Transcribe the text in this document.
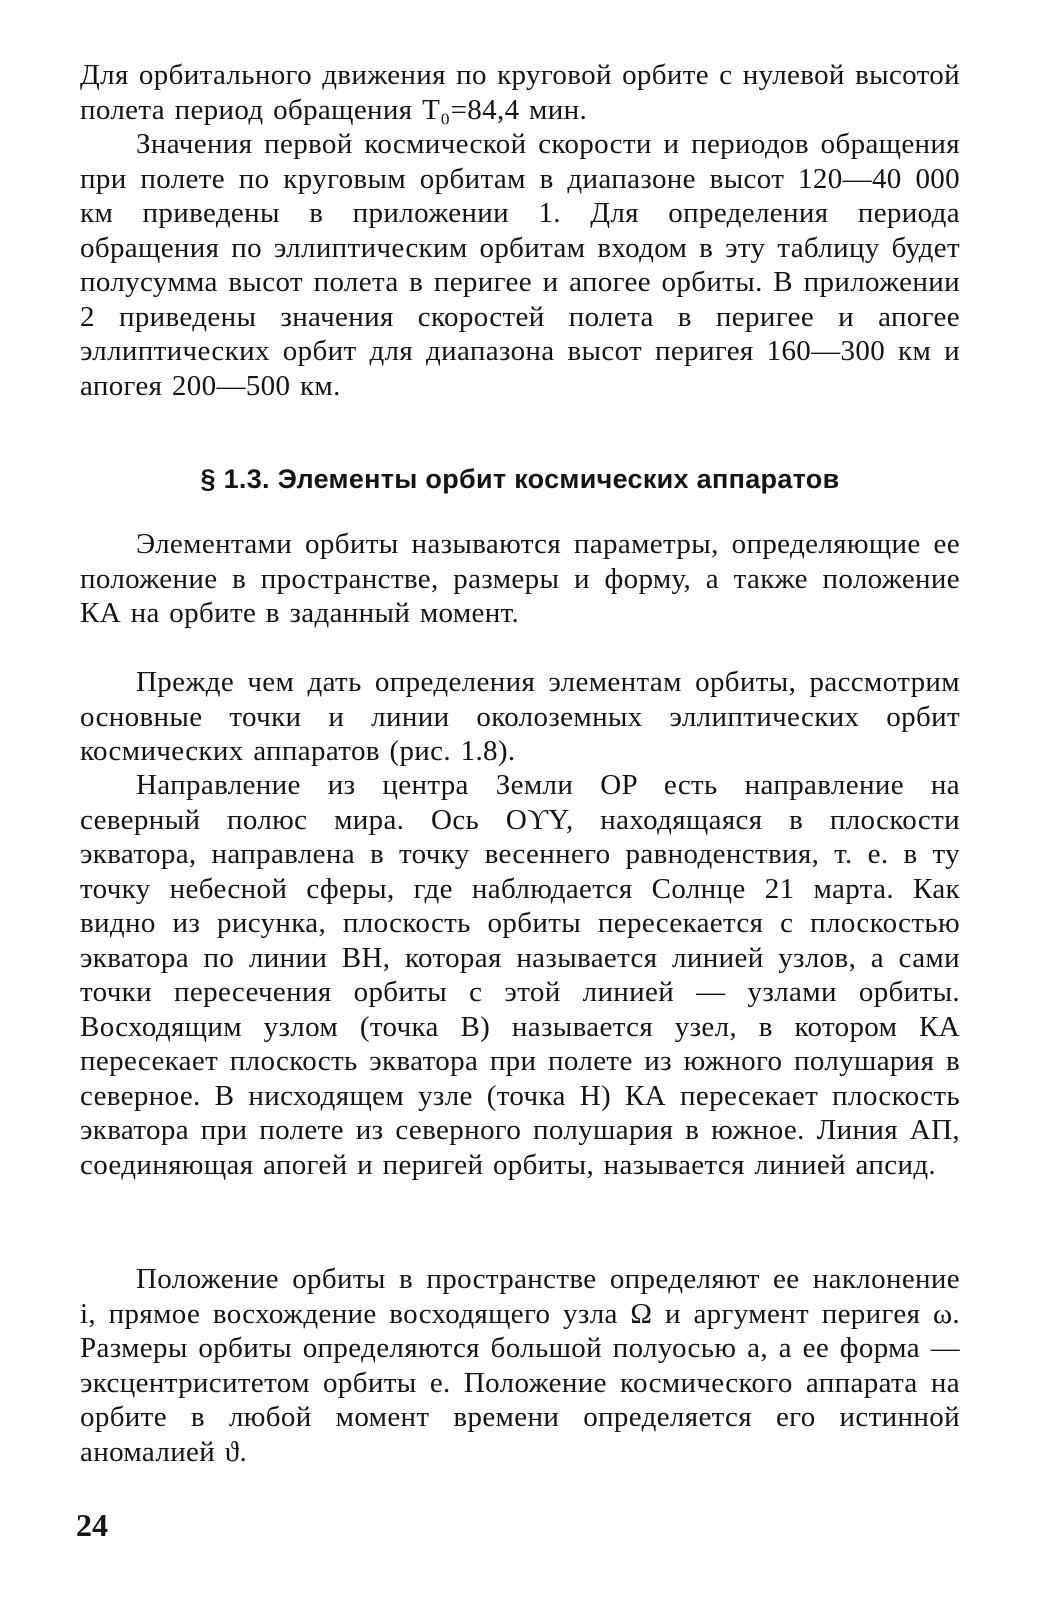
Для орбитального движения по круговой орбите с нулевой высотой полета период обращения T₀=84,4 мин.

Значения первой космической скорости и периодов обращения при полете по круговым орбитам в диапазоне высот 120—40 000 км приведены в приложении 1. Для определения периода обращения по эллиптическим орбитам входом в эту таблицу будет полусумма высот полета в перигее и апогее орбиты. В приложении 2 приведены значения скоростей полета в перигее и апогее эллиптических орбит для диапазона высот перигея 160—300 км и апогея 200—500 км.

§ 1.3. Элементы орбит космических аппаратов

Элементами орбиты называются параметры, определяющие ее положение в пространстве, размеры и форму, а также положение КА на орбите в заданный момент.

Прежде чем дать определения элементам орбиты, рассмотрим основные точки и линии околоземных эллиптических орбит космических аппаратов (рис. 1.8).

Направление из центра Земли OP есть направление на северный полюс мира. Ось OϒΥ, находящаяся в плоскости экватора, направлена в точку весеннего равноденствия, т. е. в ту точку небесной сферы, где наблюдается Солнце 21 марта. Как видно из рисунка, плоскость орбиты пересекается с плоскостью экватора по линии BH, которая называется линией узлов, а сами точки пересечения орбиты с этой линией — узлами орбиты. Восходящим узлом (точка B) называется узел, в котором КА пересекает плоскость экватора при полете из южного полушария в северное. В нисходящем узле (точка H) КА пересекает плоскость экватора при полете из северного полушария в южное. Линия АП, соединяющая апогей и перигей орбиты, называется линией апсид.

Положение орбиты в пространстве определяют ее наклонение i, прямое восхождение восходящего узла Ω и аргумент перигея ω. Размеры орбиты определяются большой полуосью a, а ее форма — эксцентриситетом орбиты e. Положение космического аппарата на орбите в любой момент времени определяется его истинной аномалией ϑ.

24
